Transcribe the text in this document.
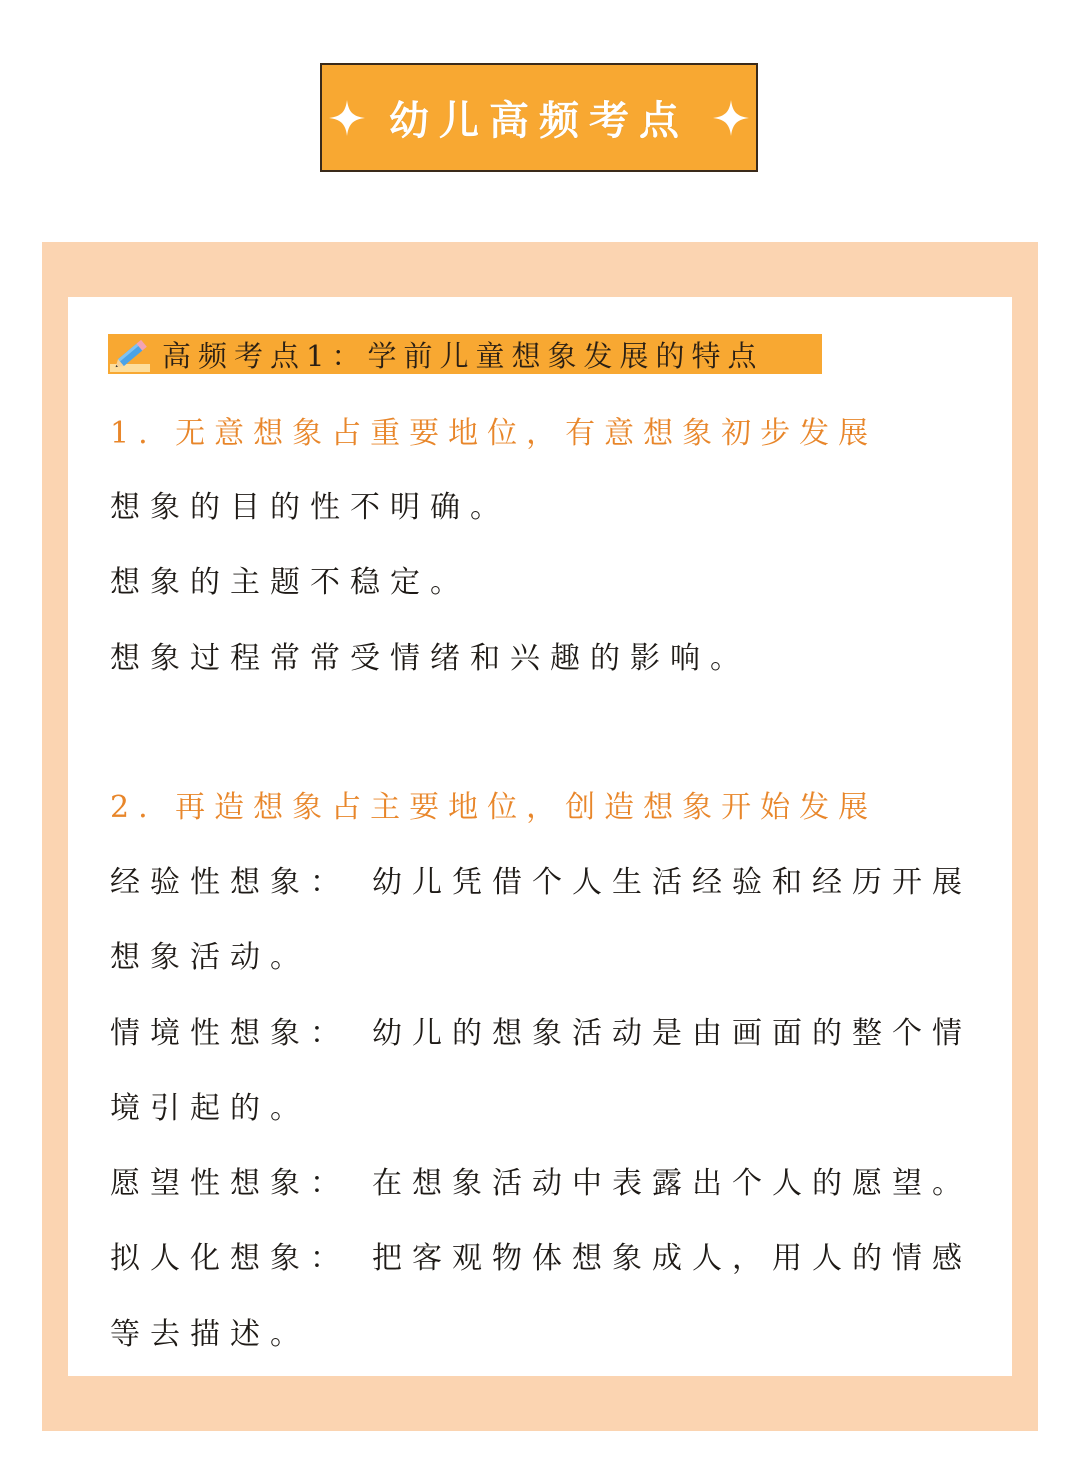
幼儿高频考点
高频考点1：学前儿童想象发展的特点
1. 无意想象占重要地位，有意想象初步发展
想象的目的性不明确。
想象的主题不稳定。
想象过程常常受情绪和兴趣的影响。
2. 再造想象占主要地位，创造想象开始发展
经验性想象： 幼儿凭借个人生活经验和经历开展
想象活动。
情境性想象： 幼儿的想象活动是由画面的整个情
境引起的。
愿望性想象： 在想象活动中表露出个人的愿望。
拟人化想象： 把客观物体想象成人，用人的情感
等去描述。
